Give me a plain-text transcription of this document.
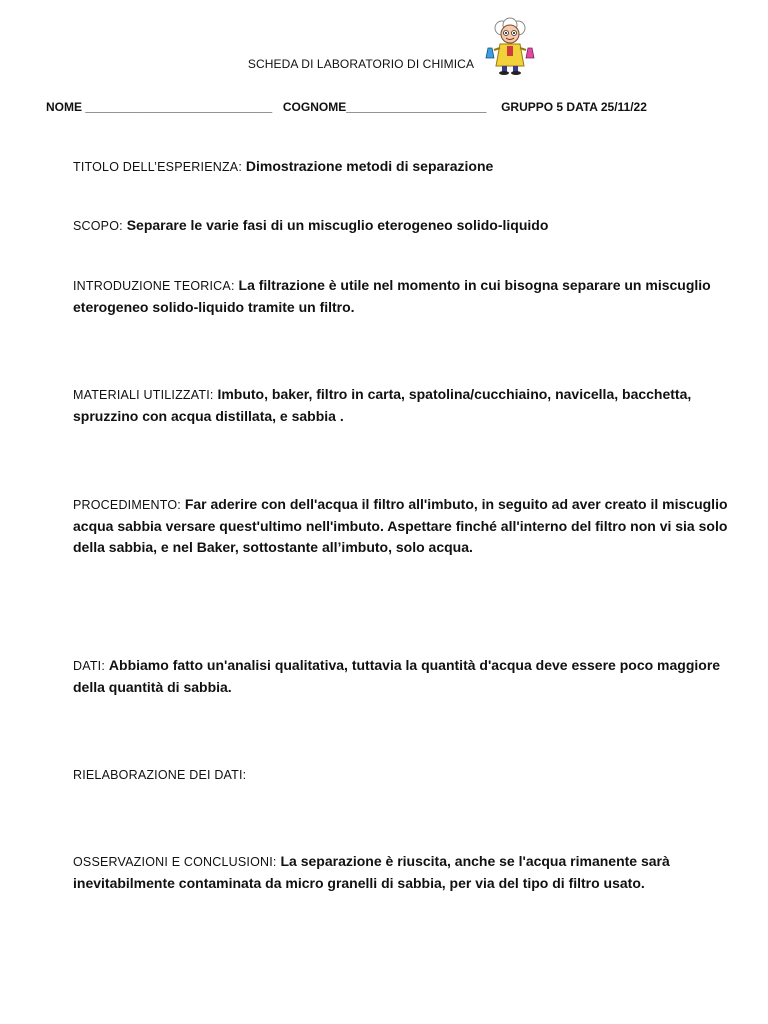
SCHEDA DI LABORATORIO DI CHIMICA
NOME ____________________________ COGNOME_____________________ GRUPPO 5 DATA 25/11/22
TITOLO DELL’ESPERIENZA: Dimostrazione metodi di separazione
SCOPO: Separare le varie fasi di un miscuglio eterogeneo solido-liquido
INTRODUZIONE TEORICA: La filtrazione è utile nel momento in cui bisogna separare un miscuglio eterogeneo solido-liquido tramite un filtro.
MATERIALI UTILIZZATI: Imbuto, baker, filtro in carta, spatolina/cucchiaino, navicella, bacchetta, spruzzino con acqua distillata, e sabbia .
PROCEDIMENTO: Far aderire con dell'acqua il filtro all'imbuto, in seguito ad aver creato il miscuglio acqua sabbia versare quest'ultimo nell'imbuto. Aspettare finché all'interno del filtro non vi sia solo della sabbia, e nel Baker, sottostante all’imbuto, solo acqua.
DATI: Abbiamo fatto un'analisi qualitativa, tuttavia la quantità d'acqua deve essere poco maggiore della quantità di sabbia.
RIELABORAZIONE DEI DATI:
OSSERVAZIONI E CONCLUSIONI: La separazione è riuscita, anche se l'acqua rimanente sarà inevitabilmente contaminata da micro granelli di sabbia, per via del tipo di filtro usato.
